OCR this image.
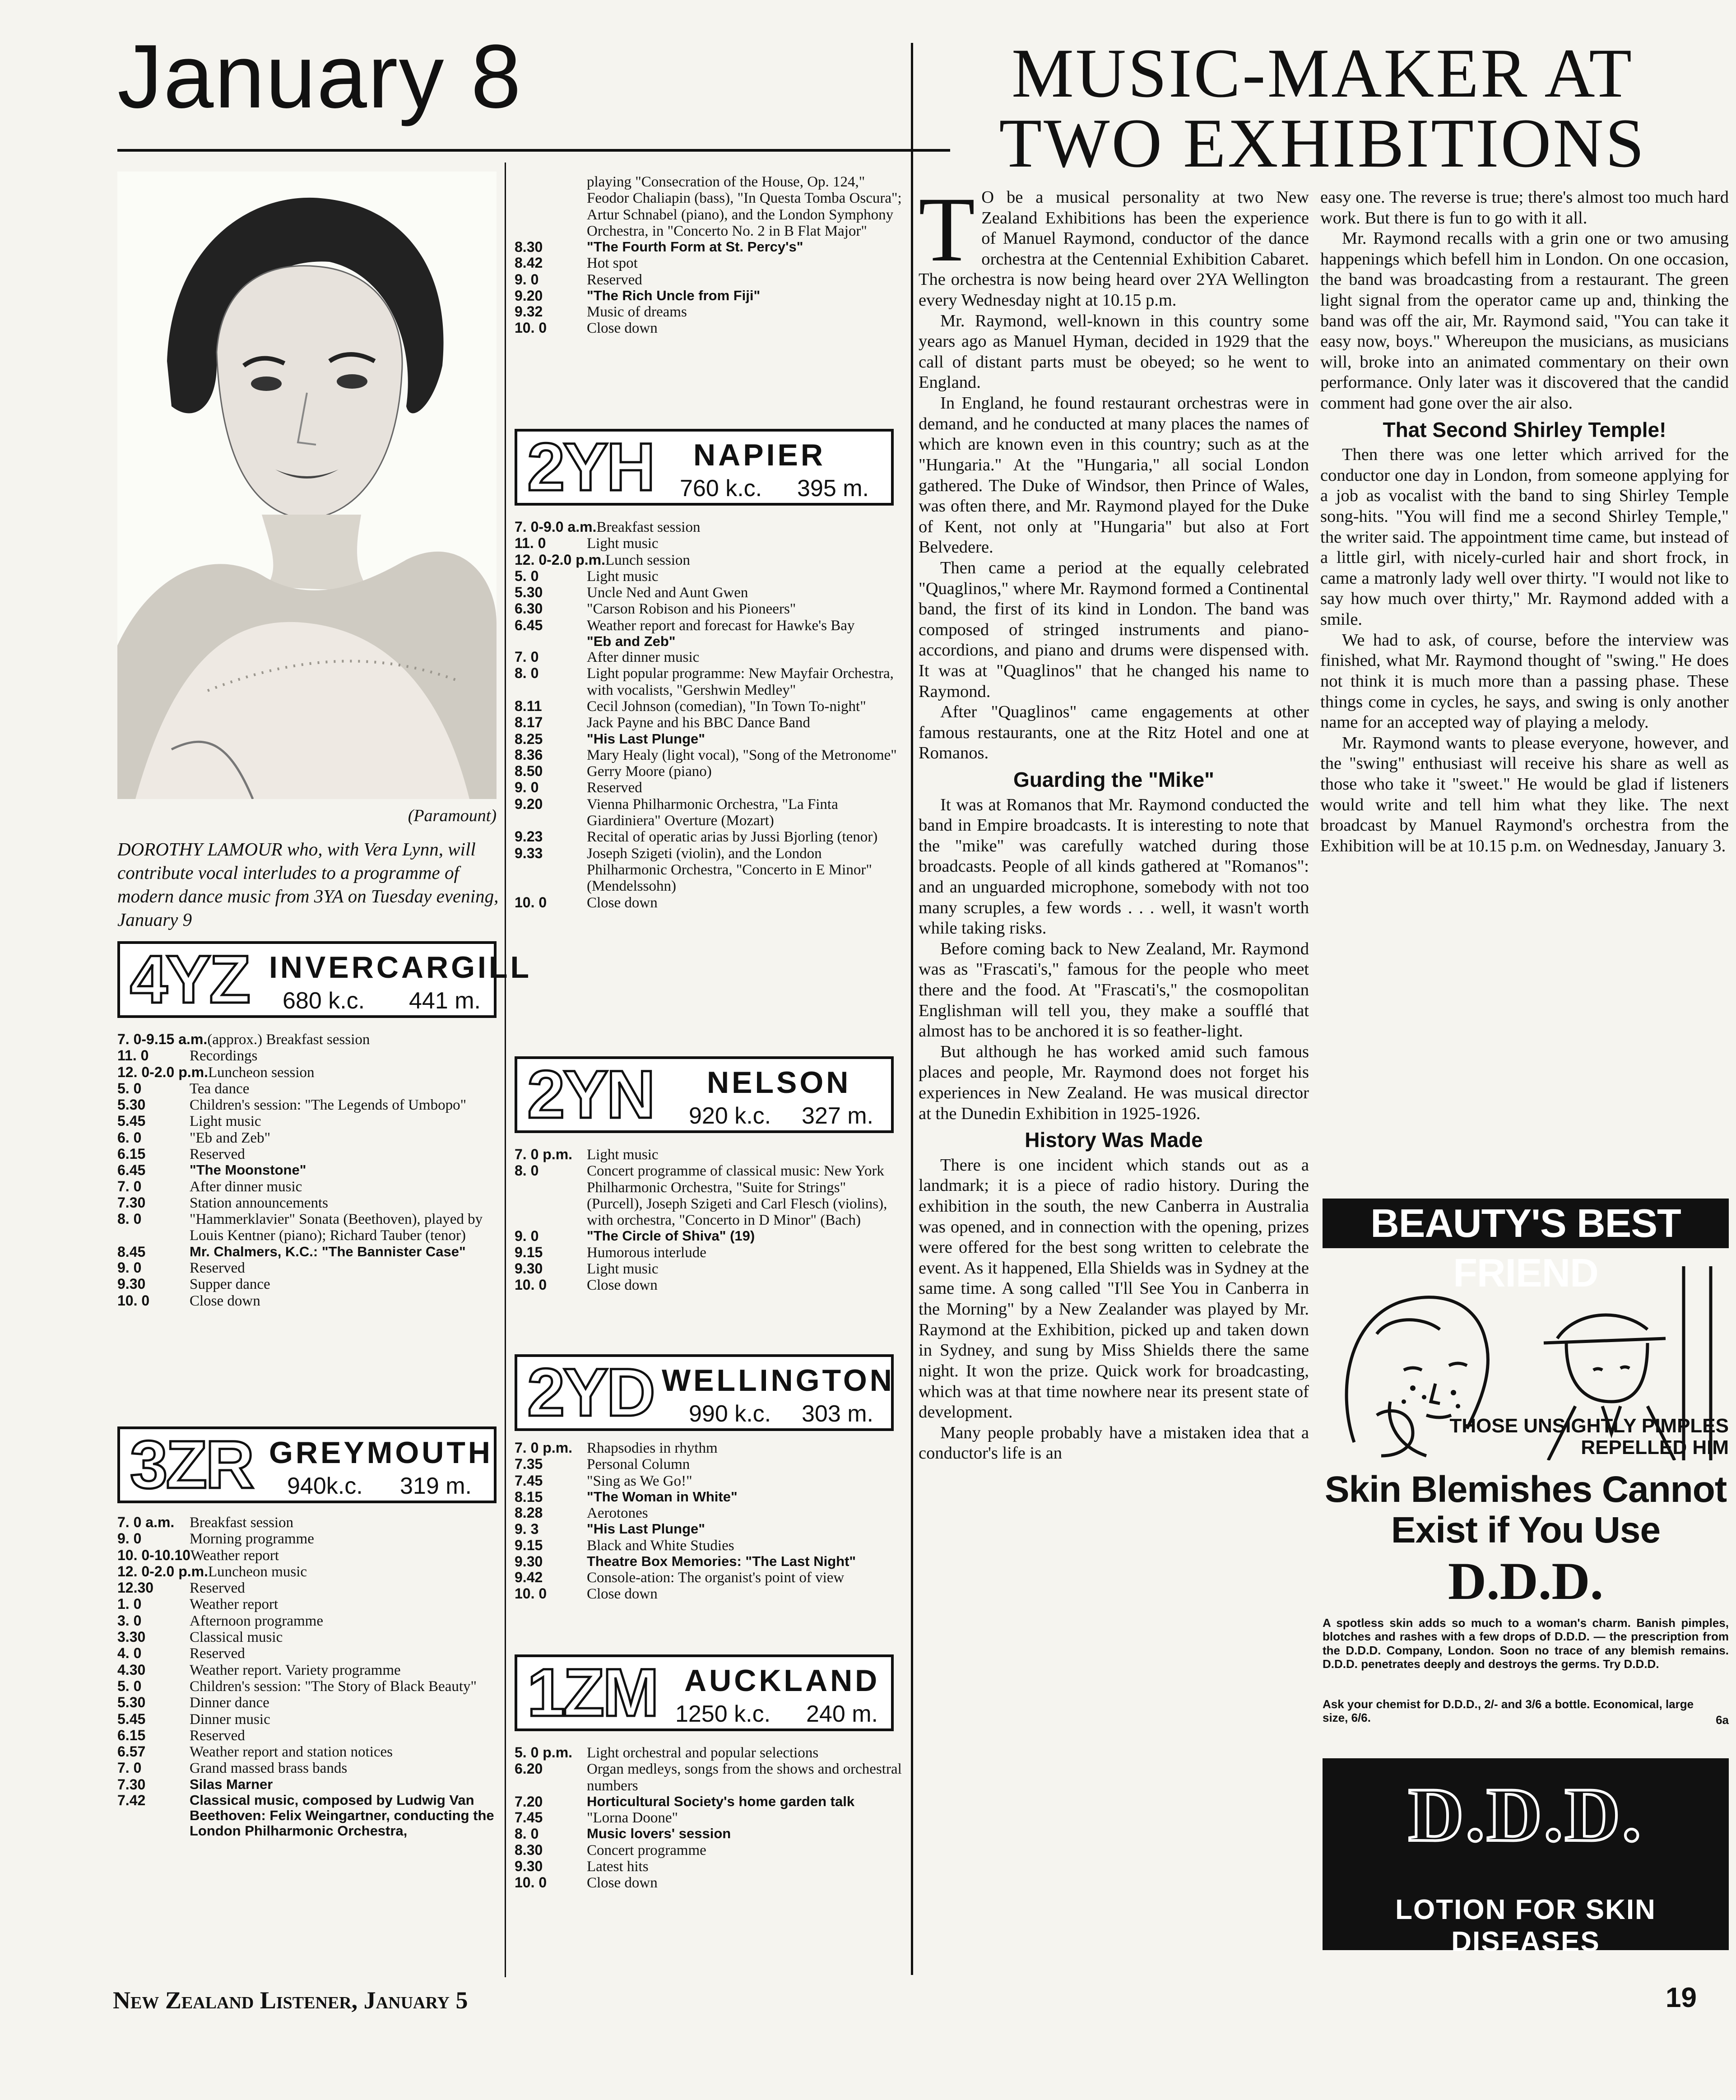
January 8
(Paramount)
DOROTHY LAMOUR who, with Vera Lynn, will contribute vocal interludes to a programme of modern dance music from 3YA on Tuesday evening, January 9
4YZ INVERCARGILL
680 k.c. 441 m.
7. 0-9.15 a.m. (approx.) Breakfast session
11. 0	Recordings
12. 0-2.0 p.m. Luncheon session
5. 0	Tea dance
5.30	Children's session: "The Legends of Umbopo"
5.45	Light music
6. 0	"Eb and Zeb"
6.15	Reserved
6.45	"The Moonstone"
7. 0	After dinner music
7.30	Station announcements
8. 0	"Hammerklavier" Sonata (Beethoven), played by Louis Kentner (piano); Richard Tauber (tenor)
8.45	Mr. Chalmers, K.C.: "The Bannister Case"
9. 0	Reserved
9.30	Supper dance
10. 0	Close down
3ZR GREYMOUTH
940k.c. 319 m.
7. 0 a.m.	Breakfast session
9. 0	Morning programme
10. 0-10.10 Weather report
12. 0-2.0 p.m. Luncheon music
12.30	Reserved
1. 0	Weather report
3. 0	Afternoon programme
3.30	Classical music
4. 0	Reserved
4.30	Weather report. Variety programme
5. 0	Children's session: "The Story of Black Beauty"
5.30	Dinner dance
5.45	Dinner music
6.15	Reserved
6.57	Weather report and station notices
7. 0	Grand massed brass bands
7.30	Silas Marner
7.42	Classical music, composed by Ludwig Van Beethoven: Felix Weingartner, conducting the London Philharmonic Orchestra,
playing "Consecration of the House, Op. 124," Feodor Chaliapin (bass), "In Questa Tomba Oscura"; Artur Schnabel (piano), and the London Symphony Orchestra, in "Concerto No. 2 in B Flat Major"
8.30	"The Fourth Form at St. Percy's"
8.42	Hot spot
9. 0	Reserved
9.20	"The Rich Uncle from Fiji"
9.32	Music of dreams
10. 0	Close down
2YH NAPIER
760 k.c. 395 m.
7. 0-9.0 a.m. Breakfast session
11. 0	Light music
12. 0-2.0 p.m. Lunch session
5. 0	Light music
5.30	Uncle Ned and Aunt Gwen
6.30	"Carson Robison and his Pioneers"
6.45	Weather report and forecast for Hawke's Bay
"Eb and Zeb"
7. 0	After dinner music
8. 0	Light popular programme: New Mayfair Orchestra, with vocalists, "Gershwin Medley"
8.11	Cecil Johnson (comedian), "In Town To-night"
8.17	Jack Payne and his BBC Dance Band
8.25	"His Last Plunge"
8.36	Mary Healy (light vocal), "Song of the Metronome"
8.50	Gerry Moore (piano)
9. 0	Reserved
9.20	Vienna Philharmonic Orchestra, "La Finta Giardiniera" Overture (Mozart)
9.23	Recital of operatic arias by Jussi Bjorling (tenor)
9.33	Joseph Szigeti (violin), and the London Philharmonic Orchestra, "Concerto in E Minor" (Mendelssohn)
10. 0	Close down
2YN NELSON
920 k.c. 327 m.
7. 0 p.m. Light music
8. 0	Concert programme of classical music: New York Philharmonic Orchestra, "Suite for Strings" (Purcell), Joseph Szigeti and Carl Flesch (violins), with orchestra, "Concerto in D Minor" (Bach)
9. 0	"The Circle of Shiva" (19)
9.15	Humorous interlude
9.30	Light music
10. 0	Close down
2YD WELLINGTON
990 k.c. 303 m.
7. 0 p.m. Rhapsodies in rhythm
7.35	Personal Column
7.45	"Sing as We Go!"
8.15	"The Woman in White"
8.28	Aerotones
9. 3	"His Last Plunge"
9.15	Black and White Studies
9.30	Theatre Box Memories: "The Last Night"
9.42	Console-ation: The organist's point of view
10. 0	Close down
1ZM AUCKLAND
1250 k.c. 240 m.
5. 0 p.m. Light orchestral and popular selections
6.20	Organ medleys, songs from the shows and orchestral numbers
7.20	Horticultural Society's home garden talk
7.45	"Lorna Doone"
8. 0	Music lovers' session
8.30	Concert programme
9.30	Latest hits
10. 0	Close down
MUSIC-MAKER AT
TWO EXHIBITIONS

T O be a musical personality at two New Zealand Exhibitions has been the experience of Manuel Raymond, conductor of the dance orchestra at the Centennial Exhibition Cabaret. The orchestra is now being heard over 2YA Wellington every Wednesday night at 10.15 p.m.

Mr. Raymond, well-known in this country some years ago as Manuel Hyman, decided in 1929 that the call of distant parts must be obeyed; so he went to England.

In England, he found restaurant orchestras were in demand, and he conducted at many places the names of which are known even in this country; such as at the "Hungaria." At the "Hungaria," all social London gathered. The Duke of Windsor, then Prince of Wales, was often there, and Mr. Raymond played for the Duke of Kent, not only at "Hungaria" but also at Fort Belvedere.

Then came a period at the equally celebrated "Quaglinos," where Mr. Raymond formed a Continental band, the first of its kind in London. The band was composed of stringed instruments and piano-accordions, and piano and drums were dispensed with. It was at "Quaglinos" that he changed his name to Raymond.

After "Quaglinos" came engagements at other famous restaurants, one at the Ritz Hotel and one at Romanos.

Guarding the "Mike"

It was at Romanos that Mr. Raymond conducted the band in Empire broadcasts. It is interesting to note that the "mike" was carefully watched during those broadcasts. People of all kinds gathered at "Romanos": and an unguarded microphone, somebody with not too many scruples, a few words . . . well, it wasn't worth while taking risks.

Before coming back to New Zealand, Mr. Raymond was as "Frascati's," famous for the people who meet there and the food. At "Frascati's," the cosmopolitan Englishman will tell you, they make a soufflé that almost has to be anchored it is so feather-light.

But although he has worked amid such famous places and people, Mr. Raymond does not forget his experiences in New Zealand. He was musical director at the Dunedin Exhibition in 1925-1926.

History Was Made

There is one incident which stands out as a landmark; it is a piece of radio history. During the exhibition in the south, the new Canberra in Australia was opened, and in connection with the opening, prizes were offered for the best song written to celebrate the event. As it happened, Ella Shields was in Sydney at the same time. A song called "I'll See You in Canberra in the Morning" by a New Zealander was played by Mr. Raymond at the Exhibition, picked up and taken down in Sydney, and sung by Miss Shields there the same night. It won the prize. Quick work for broadcasting, which was at that time nowhere near its present state of development.

Many people probably have a mistaken idea that a conductor's life is an

easy one. The reverse is true; there's almost too much hard work. But there is fun to go with it all.

Mr. Raymond recalls with a grin one or two amusing happenings which befell him in London. On one occasion, the band was broadcasting from a restaurant. The green light signal from the operator came up and, thinking the band was off the air, Mr. Raymond said, "You can take it easy now, boys." Whereupon the musicians, as musicians will, broke into an animated commentary on their own performance. Only later was it discovered that the candid comment had gone over the air also.

That Second Shirley Temple!

Then there was one letter which arrived for the conductor one day in London, from someone applying for a job as vocalist with the band to sing Shirley Temple song-hits. "You will find me a second Shirley Temple," the writer said. The appointment time came, but instead of a little girl, with nicely-curled hair and short frock, in came a matronly lady well over thirty. "I would not like to say how much over thirty," Mr. Raymond added with a smile.

We had to ask, of course, before the interview was finished, what Mr. Raymond thought of "swing." He does not think it is much more than a passing phase. These things come in cycles, he says, and swing is only another name for an accepted way of playing a melody.

Mr. Raymond wants to please everyone, however, and the "swing" enthusiast will receive his share as well as those who take it "sweet." He would be glad if listeners would write and tell him what they like. The next broadcast by Manuel Raymond's orchestra from the Exhibition will be at 10.15 p.m. on Wednesday, January 3.

BEAUTY'S BEST FRIEND
THOSE UNSIGHTLY PIMPLES REPELLED HIM
Skin Blemishes Cannot
Exist if You Use
D.D.D.
A spotless skin adds so much to a woman's charm. Banish pimples, blotches and rashes with a few drops of D.D.D. — the prescription from the D.D.D. Company, London. Soon no trace of any blemish remains. D.D.D. penetrates deeply and destroys the germs. Try D.D.D.
Ask your chemist for D.D.D., 2/- and 3/6 a bottle. Economical, large size, 6/6.	6a
D.D.D.
LOTION FOR SKIN DISEASES
New Zealand Listener, January 5	19
